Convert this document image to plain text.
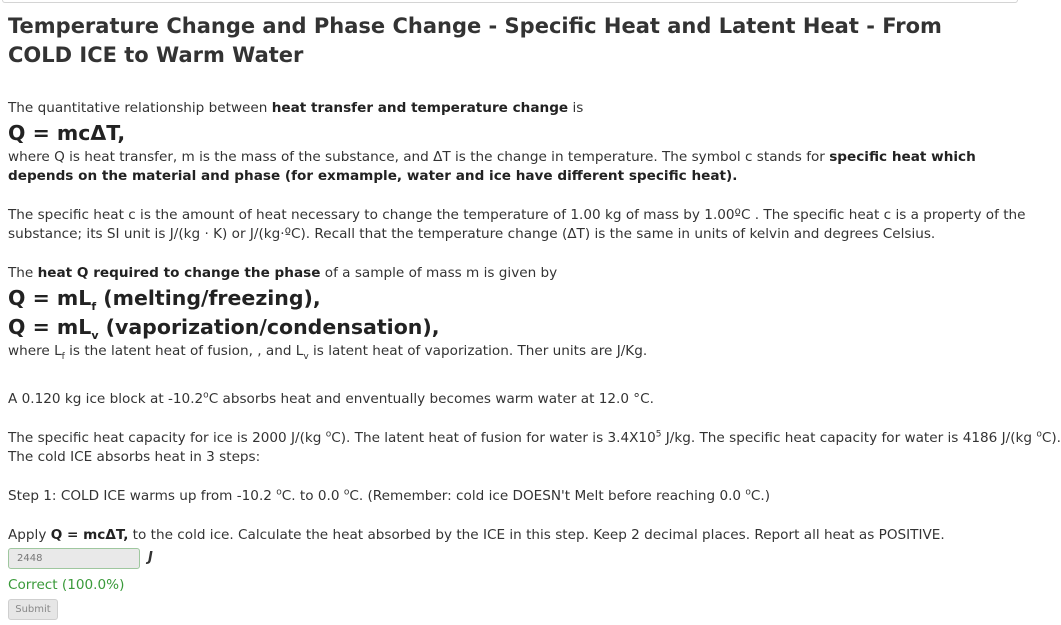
Temperature Change and Phase Change - Specific Heat and Latent Heat - From COLD ICE to Warm Water
The quantitative relationship between heat transfer and temperature change is
Q = mcΔT,
where Q is heat transfer, m is the mass of the substance, and ΔT is the change in temperature. The symbol c stands for specific heat which depends on the material and phase (for exmample, water and ice have different specific heat).
The specific heat c is the amount of heat necessary to change the temperature of 1.00 kg of mass by 1.00ºC . The specific heat c is a property of the
substance; its SI unit is J/(kg · K) or J/(kg·ºC). Recall that the temperature change (ΔT) is the same in units of kelvin and degrees Celsius.
The heat Q required to change the phase of a sample of mass m is given by
$Q = mL_f$ (melting/freezing),
$Q = mL_v$ (vaporization/condensation),
where $L_f$ is the latent heat of fusion, , and $L_v$ is latent heat of vaporization. Ther units are J/Kg.
A 0.120 kg ice block at -10.2$^o$C absorbs heat and enventually becomes warm water at 12.0 °C.
The specific heat capacity for ice is 2000 J/(kg $^o$C). The latent heat of fusion for water is $3.4X10^5$ J/kg. The specific heat capacity for water is 4186 J/(kg $^o$C).
The cold ICE absorbs heat in 3 steps:
Step 1: COLD ICE warms up from -10.2 $^o$C. to 0.0 $^o$C. (Remember: cold ice DOESN't Melt before reaching 0.0 $^o$C.)
Apply Q = mcΔT, to the cold ice. Calculate the heat absorbed by the ICE in this step. Keep 2 decimal places. Report all heat as POSITIVE.
2448	J
Correct (100.0%)
Submit
